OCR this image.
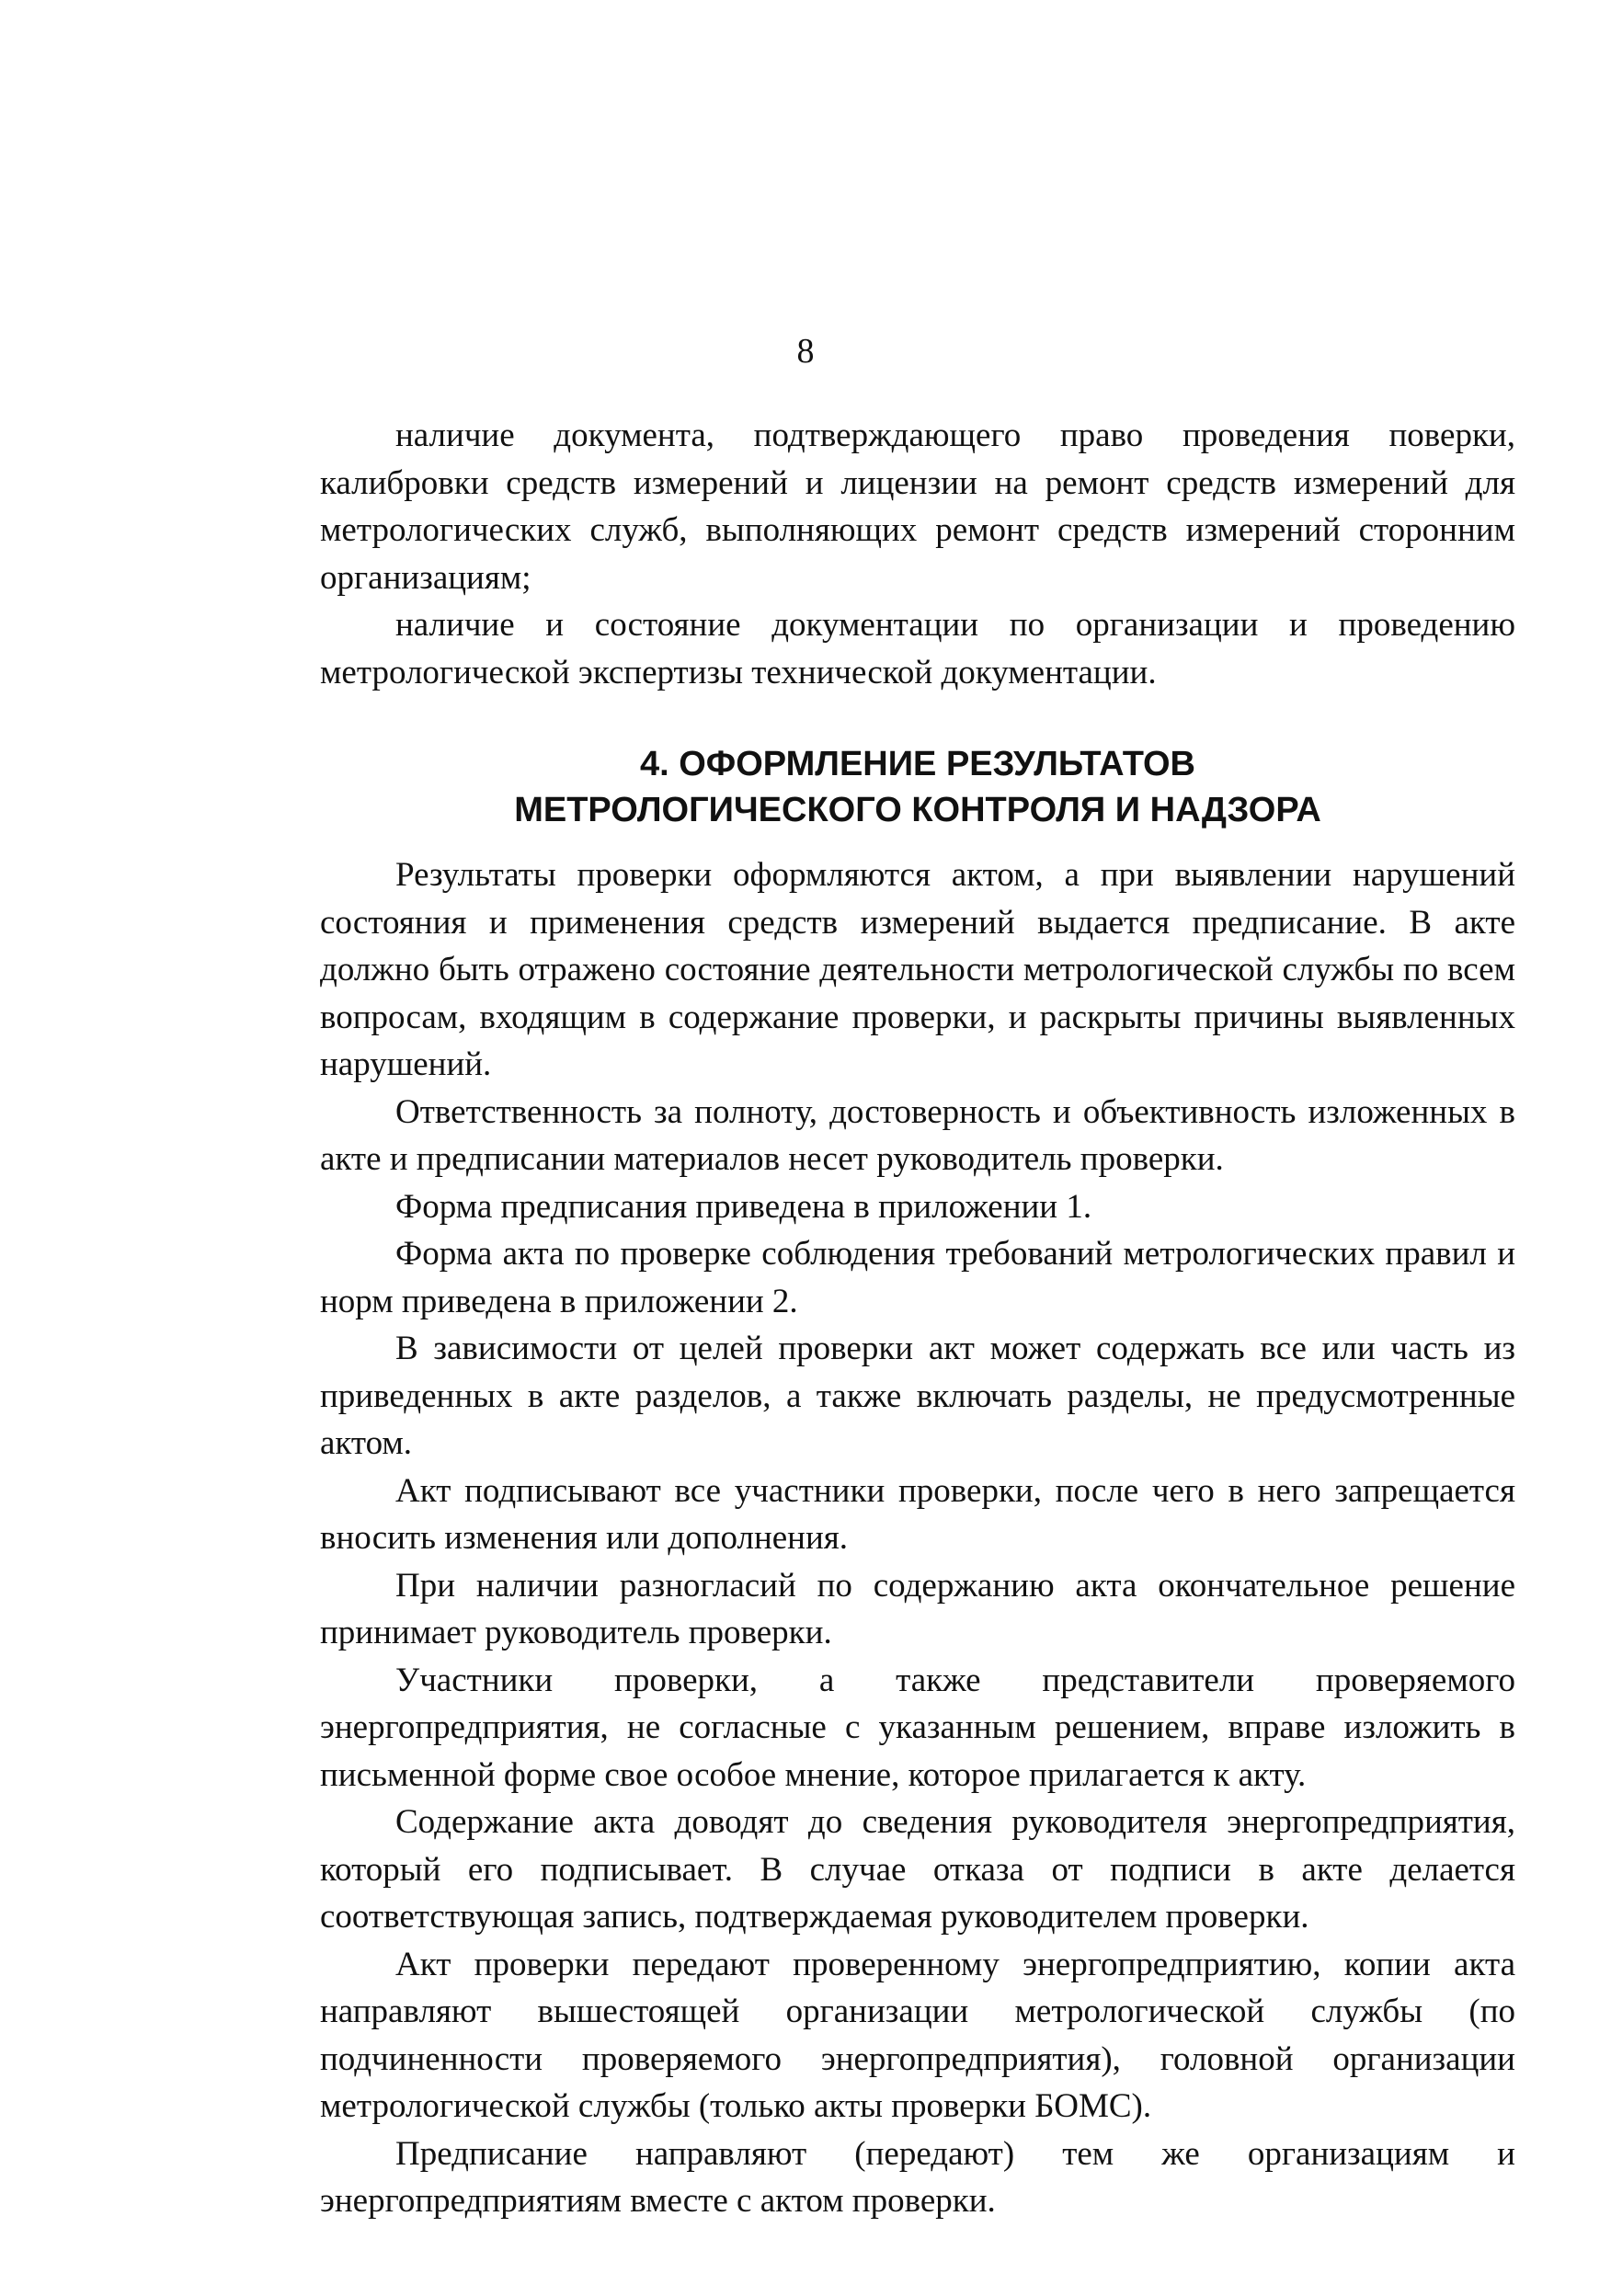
8

наличие документа, подтверждающего право проведения поверки, калибровки средств измерений и лицензии на ремонт средств измерений для метрологических служб, выполняющих ремонт средств измерений сторонним организациям;

наличие и состояние документации по организации и проведению метрологической экспертизы технической документации.

4. ОФОРМЛЕНИЕ РЕЗУЛЬТАТОВ
МЕТРОЛОГИЧЕСКОГО КОНТРОЛЯ И НАДЗОРА

Результаты проверки оформляются актом, а при выявлении нарушений состояния и применения средств измерений выдается предписание. В акте должно быть отражено состояние деятельности метрологической службы по всем вопросам, входящим в содержание проверки, и раскрыты причины выявленных нарушений.

Ответственность за полноту, достоверность и объективность изложенных в акте и предписании материалов несет руководитель проверки.

Форма предписания приведена в приложении 1.

Форма акта по проверке соблюдения требований метрологических правил и норм приведена в приложении 2.

В зависимости от целей проверки акт может содержать все или часть из приведенных в акте разделов, а также включать разделы, не предусмотренные актом.

Акт подписывают все участники проверки, после чего в него запрещается вносить изменения или дополнения.

При наличии разногласий по содержанию акта окончательное решение принимает руководитель проверки.

Участники проверки, а также представители проверяемого энергопредприятия, не согласные с указанным решением, вправе изложить в письменной форме свое особое мнение, которое прилагается к акту.

Содержание акта доводят до сведения руководителя энергопредприятия, который его подписывает. В случае отказа от подписи в акте делается соответствующая запись, подтверждаемая руководителем проверки.

Акт проверки передают проверенному энергопредприятию, копии акта направляют вышестоящей организации метрологической службы (по подчиненности проверяемого энергопредприятия), головной организации метрологической службы (только акты проверки БОМС).

Предписание направляют (передают) тем же организациям и энергопредприятиям вместе с актом проверки.
